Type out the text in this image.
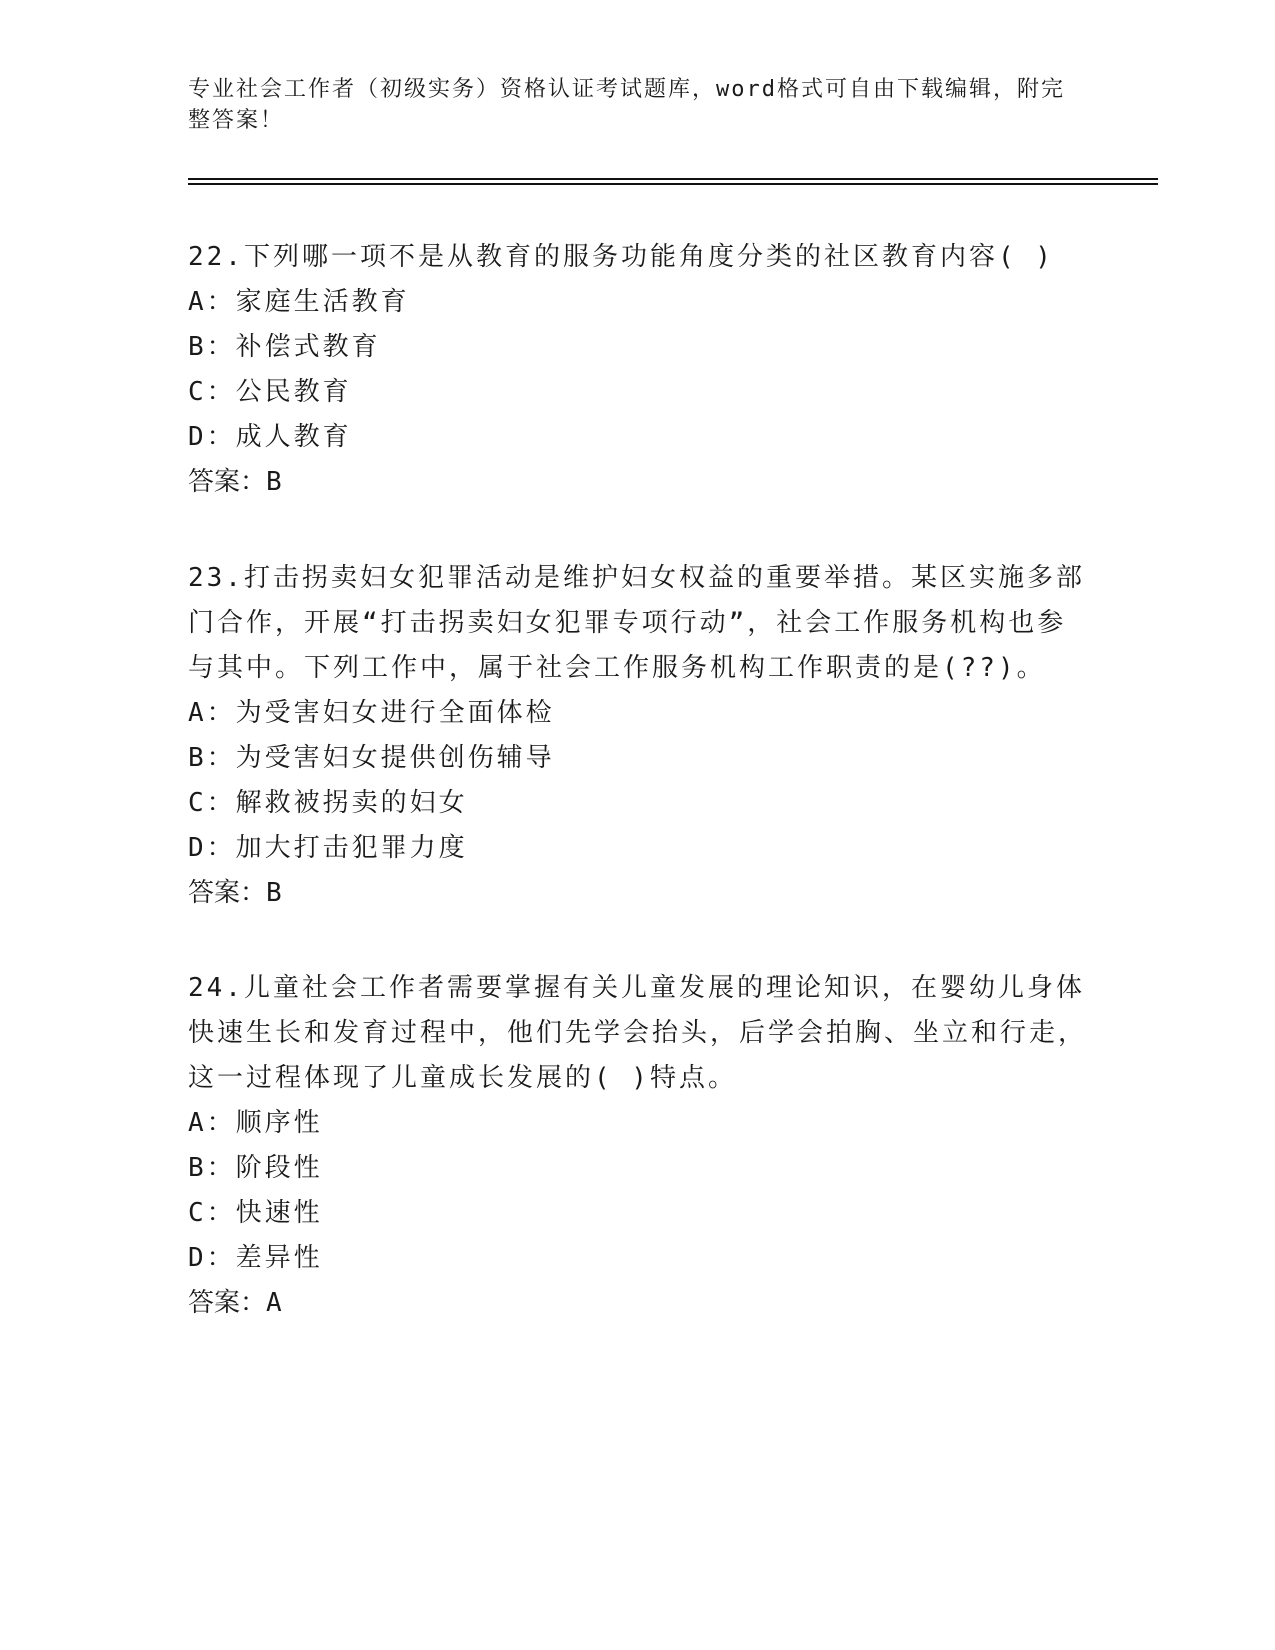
专业社会工作者（初级实务）资格认证考试题库，word格式可自由下载编辑，附完整答案！

22.下列哪一项不是从教育的服务功能角度分类的社区教育内容( )

A：家庭生活教育

B：补偿式教育

C：公民教育

D：成人教育

答案：B

23.打击拐卖妇女犯罪活动是维护妇女权益的重要举措。某区实施多部门合作，开展“打击拐卖妇女犯罪专项行动”，社会工作服务机构也参与其中。下列工作中，属于社会工作服务机构工作职责的是(??)。

A：为受害妇女进行全面体检

B：为受害妇女提供创伤辅导

C：解救被拐卖的妇女

D：加大打击犯罪力度

答案：B

24.儿童社会工作者需要掌握有关儿童发展的理论知识，在婴幼儿身体快速生长和发育过程中，他们先学会抬头，后学会拍胸、坐立和行走，这一过程体现了儿童成长发展的( )特点。

A：顺序性

B：阶段性

C：快速性

D：差异性

答案：A
